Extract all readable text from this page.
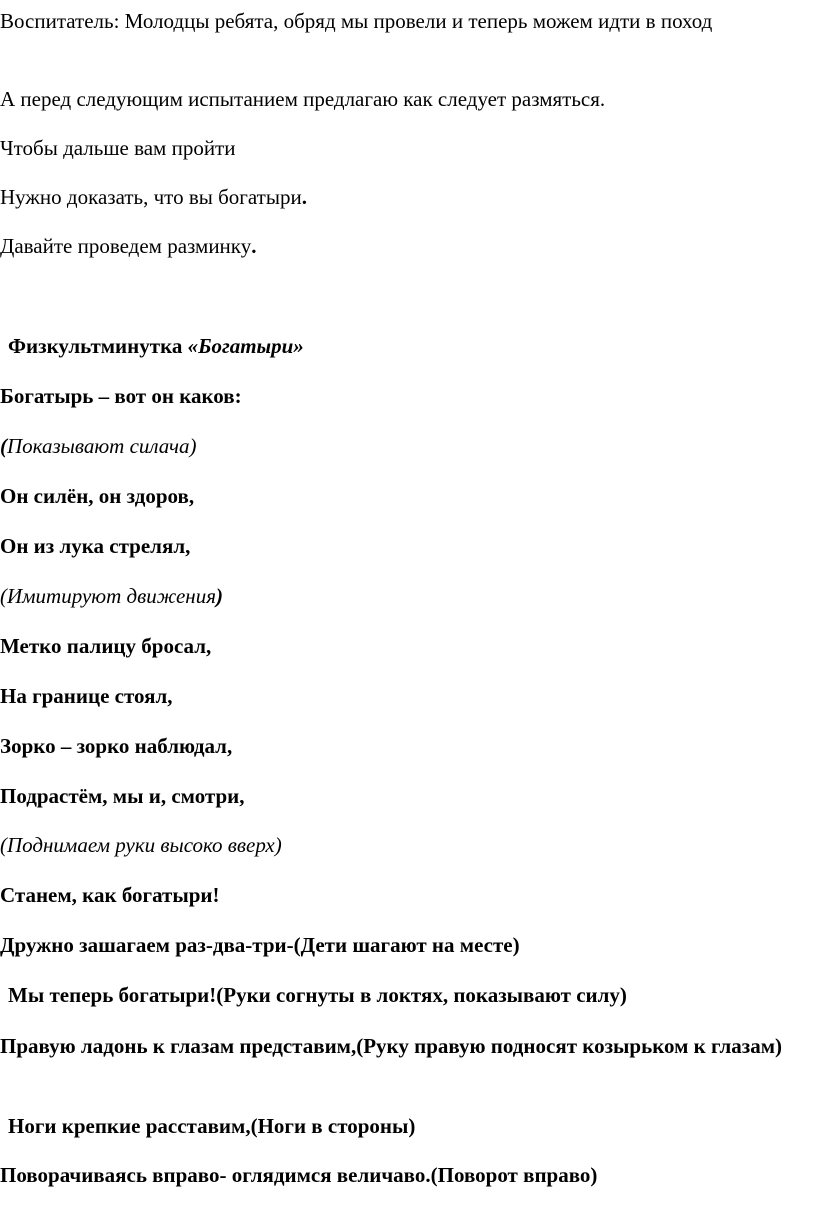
Воспитатель: Молодцы ребята, обряд мы провели и теперь можем идти в поход

А перед следующим испытанием предлагаю как следует размяться.

Чтобы дальше вам пройти

Нужно доказать, что вы богатыри.

Давайте проведем разминку.

Физкультминутка «Богатыри»

Богатырь – вот он каков:

(Показывают силача)

Он силён, он здоров,

Он из лука стрелял,

(Имитируют движения)

Метко палицу бросал,

На границе стоял,

Зорко – зорко наблюдал,

Подрастём, мы и, смотри,

(Поднимаем руки высоко вверх)

Станем, как богатыри!

Дружно зашагаем раз-два-три-(Дети шагают на месте)

Мы теперь богатыри!(Руки согнуты в локтях, показывают силу)

Правую ладонь к глазам представим,(Руку правую подносят козырьком к глазам)

Ноги крепкие расставим,(Ноги в стороны)

Поворачиваясь вправо- оглядимся величаво.(Поворот вправо)
